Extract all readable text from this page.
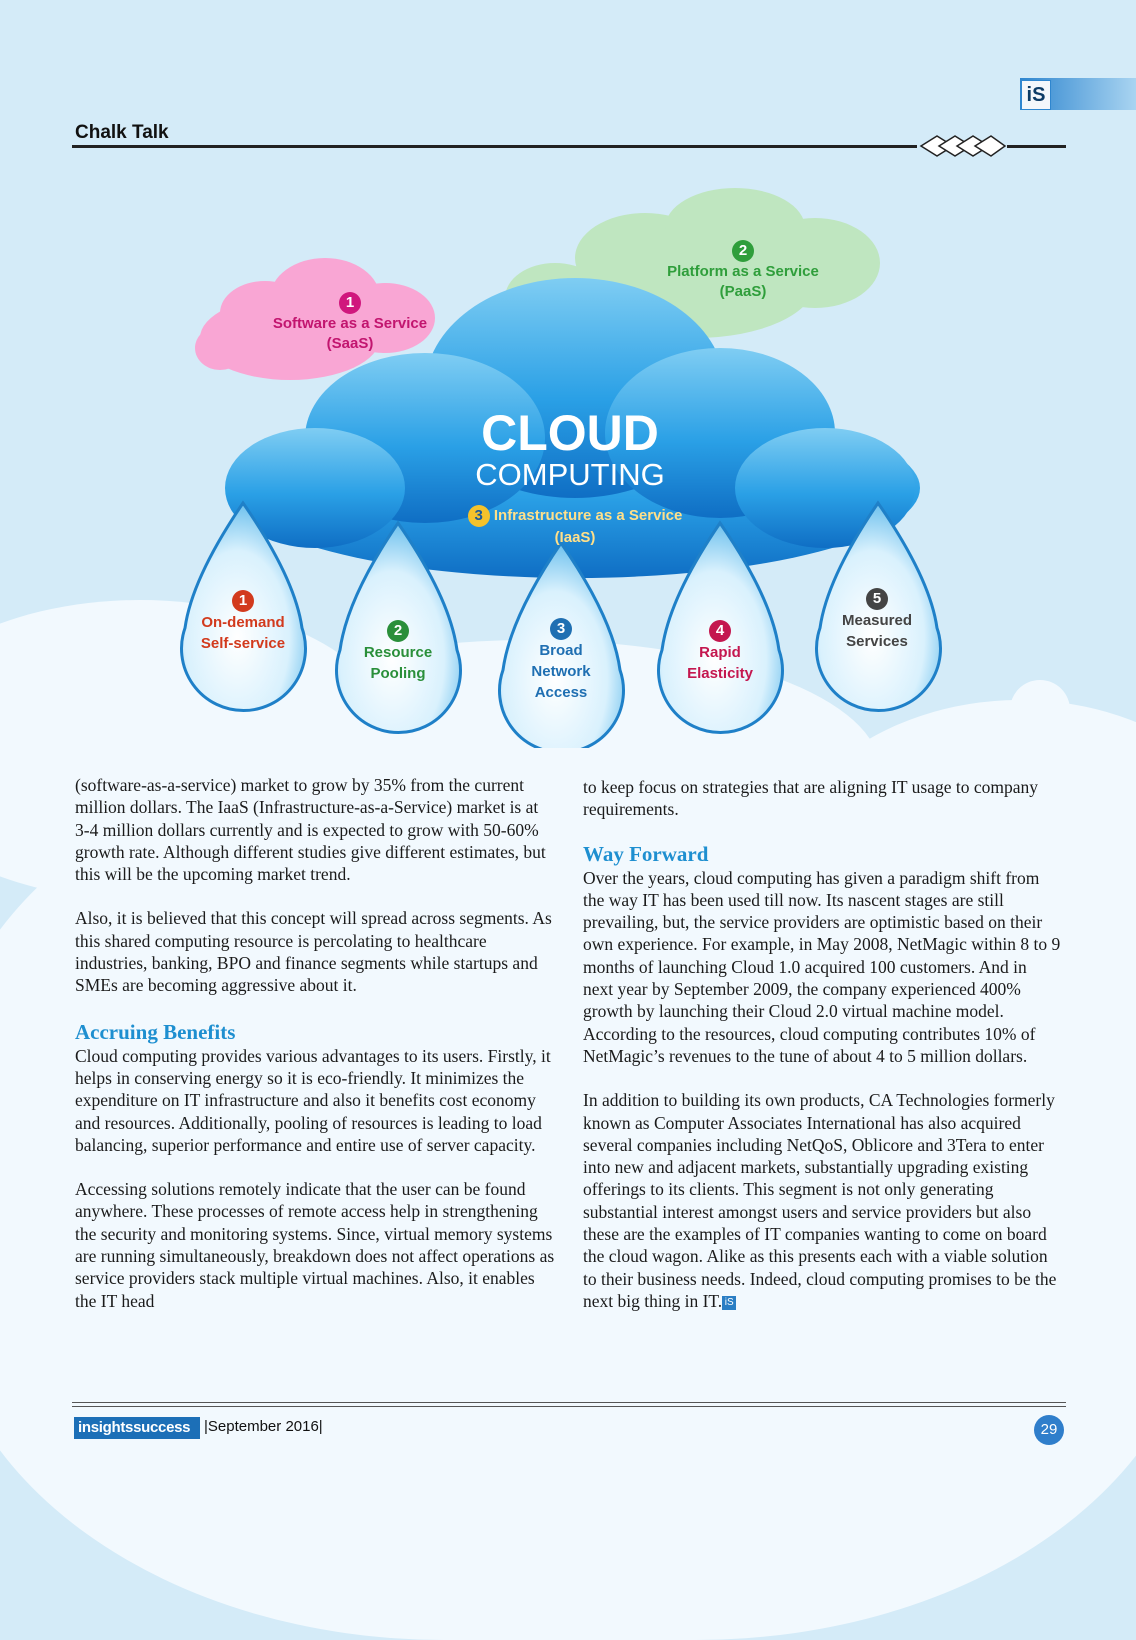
iS
Chalk Talk
1
Software as a Service
(SaaS)
2
Platform as a Service
(PaaS)
CLOUD
COMPUTING
3 Infrastructure as a Service
(IaaS)
1
On-demand
Self-service
2
Resource
Pooling
3
Broad
Network
Access
4
Rapid
Elasticity
5
Measured
Services

(software-as-a-service) market to grow by 35% from the current million dollars. The IaaS (Infrastructure-as-a-Service) market is at 3-4 million dollars currently and is expected to grow with 50-60% growth rate. Although different studies give different estimates, but this will be the upcoming market trend.

Also, it is believed that this concept will spread across segments. As this shared computing resource is percolating to healthcare industries, banking, BPO and finance segments while startups and SMEs are becoming aggressive about it.

Accruing Benefits

Cloud computing provides various advantages to its users. Firstly, it helps in conserving energy so it is eco-friendly. It minimizes the expenditure on IT infrastructure and also it benefits cost economy and resources. Additionally, pooling of resources is leading to load balancing, superior performance and entire use of server capacity.

Accessing solutions remotely indicate that the user can be found anywhere. These processes of remote access help in strengthening the security and monitoring systems. Since, virtual memory systems are running simultaneously, breakdown does not affect operations as service providers stack multiple virtual machines. Also, it enables the IT head

to keep focus on strategies that are aligning IT usage to company requirements.

Way Forward

Over the years, cloud computing has given a paradigm shift from the way IT has been used till now. Its nascent stages are still prevailing, but, the service providers are optimistic based on their own experience. For example, in May 2008, NetMagic within 8 to 9 months of launching Cloud 1.0 acquired 100 customers. And in next year by September 2009, the company experienced 400% growth by launching their Cloud 2.0 virtual machine model. According to the resources, cloud computing contributes 10% of NetMagic’s revenues to the tune of about 4 to 5 million dollars.

In addition to building its own products, CA Technologies formerly known as Computer Associates International has also acquired several companies including NetQoS, Oblicore and 3Tera to enter into new and adjacent markets, substantially upgrading existing offerings to its clients. This segment is not only generating substantial interest amongst users and service providers but also these are the examples of IT companies wanting to come on board the cloud wagon. Alike as this presents each with a viable solution to their business needs. Indeed, cloud computing promises to be the next big thing in IT. iS

insightssuccess |September 2016|	29
